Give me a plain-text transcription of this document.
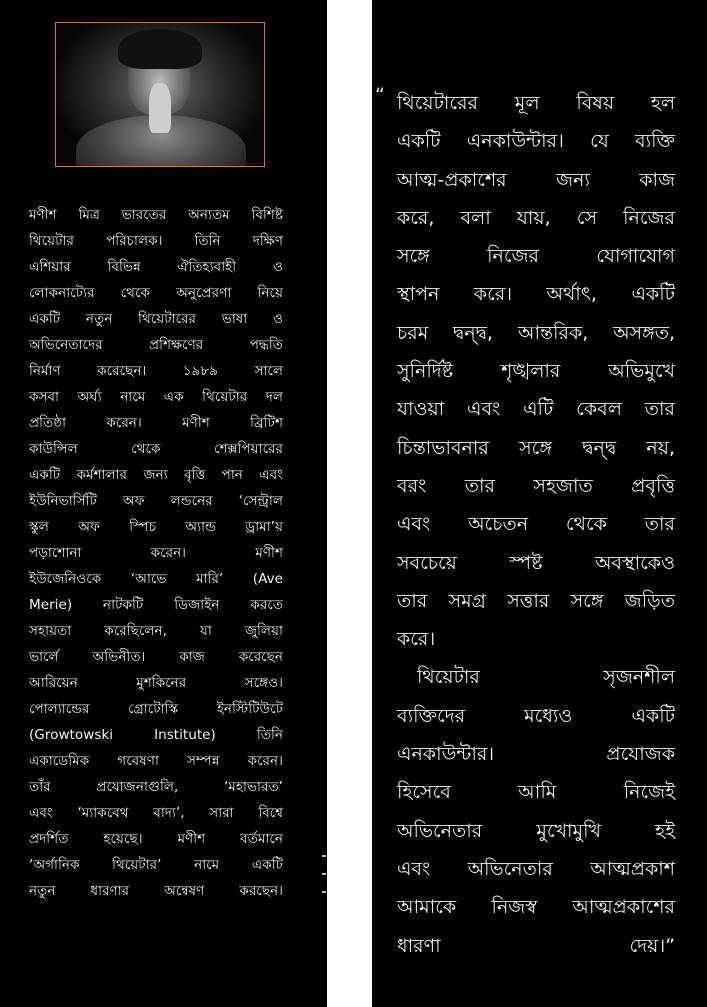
মণীশ মিত্র ভারতের অন্যতম বিশিষ্ট
থিয়েটার পরিচালক। তিনি দক্ষিণ
এশিয়ার বিভিন্ন ঐতিহ্যবাহী ও
লোকনাট্যের থেকে অনুপ্রেরণা নিয়ে
একটি নতুন থিয়েটারের ভাষা ও
অভিনেতাদের প্রশিক্ষণের পদ্ধতি
নির্মাণ করেছেন। ১৯৮৯ সালে
কসবা অর্ঘ্য নামে এক থিয়েটার দল
প্রতিষ্ঠা করেন। মণীশ ব্রিটিশ
কাউন্সিল থেকে শেক্সপিয়ারের
একটি কর্মশালার জন্য বৃত্তি পান এবং
ইউনিভার্সিটি অফ লন্ডনের ‘সেন্ট্রাল
স্কুল অফ স্পিচ অ্যান্ড ড্রামা’য়
পড়াশোনা করেন। মণীশ
ইউজেনিওকে ‘আভে মারি’ (Ave
Merie) নাটকটি ডিজাইন করতে
সহায়তা করেছিলেন, যা জুলিয়া
ভার্লে অভিনীত। কাজ করেছেন
আরিয়েন মুশকিনের সঙ্গেও।
পোল্যান্ডের গ্রোটোস্কি ইনস্টিটিউটে
(Growtowski Institute) তিনি
একাডেমিক গবেষণা সম্পন্ন করেন।
তাঁর প্রযোজনাগুলি, ‘মহাভারত’
এবং ‘ম্যাকবেথ বাদ্য’, সারা বিশ্বে
প্রদর্শিত হয়েছে। মণীশ বর্তমানে
‘অর্গানিক থিয়েটার’ নামে একটি
নতুন ধারণার অন্বেষণ করছেন।
“ থিয়েটারের মূল বিষয় হল
একটি এনকাউন্টার। যে ব্যক্তি
আত্ম-প্রকাশের জন্য কাজ
করে, বলা যায়, সে নিজের
সঙ্গে নিজের যোগাযোগ
স্থাপন করে। অর্থাৎ, একটি
চরম দ্বন্দ্ব, আন্তরিক, অসঙ্গত,
সুনির্দিষ্ট শৃঙ্খলার অভিমুখে
যাওয়া এবং এটি কেবল তার
চিন্তাভাবনার সঙ্গে দ্বন্দ্ব নয়,
বরং তার সহজাত প্রবৃত্তি
এবং অচেতন থেকে তার
সবচেয়ে স্পষ্ট অবস্থাকেও
তার সমগ্র সত্তার সঙ্গে জড়িত
করে।
থিয়েটার সৃজনশীল
ব্যক্তিদের মধ্যেও একটি
এনকাউন্টার। প্রযোজক
হিসেবে আমি নিজেই
অভিনেতার মুখোমুখি হই
এবং অভিনেতার আত্মপ্রকাশ
আমাকে নিজস্ব আত্মপ্রকাশের
ধারণা দেয়।”
